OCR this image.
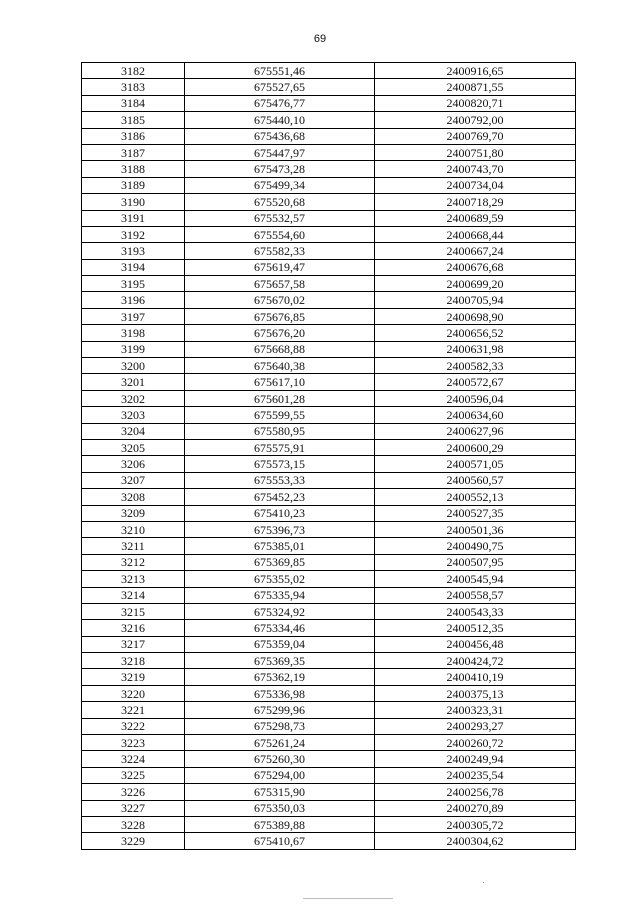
69
3182	675551,46	2400916,65
3183	675527,65	2400871,55
3184	675476,77	2400820,71
3185	675440,10	2400792,00
3186	675436,68	2400769,70
3187	675447,97	2400751,80
3188	675473,28	2400743,70
3189	675499,34	2400734,04
3190	675520,68	2400718,29
3191	675532,57	2400689,59
3192	675554,60	2400668,44
3193	675582,33	2400667,24
3194	675619,47	2400676,68
3195	675657,58	2400699,20
3196	675670,02	2400705,94
3197	675676,85	2400698,90
3198	675676,20	2400656,52
3199	675668,88	2400631,98
3200	675640,38	2400582,33
3201	675617,10	2400572,67
3202	675601,28	2400596,04
3203	675599,55	2400634,60
3204	675580,95	2400627,96
3205	675575,91	2400600,29
3206	675573,15	2400571,05
3207	675553,33	2400560,57
3208	675452,23	2400552,13
3209	675410,23	2400527,35
3210	675396,73	2400501,36
3211	675385,01	2400490,75
3212	675369,85	2400507,95
3213	675355,02	2400545,94
3214	675335,94	2400558,57
3215	675324,92	2400543,33
3216	675334,46	2400512,35
3217	675359,04	2400456,48
3218	675369,35	2400424,72
3219	675362,19	2400410,19
3220	675336,98	2400375,13
3221	675299,96	2400323,31
3222	675298,73	2400293,27
3223	675261,24	2400260,72
3224	675260,30	2400249,94
3225	675294,00	2400235,54
3226	675315,90	2400256,78
3227	675350,03	2400270,89
3228	675389,88	2400305,72
3229	675410,67	2400304,62
